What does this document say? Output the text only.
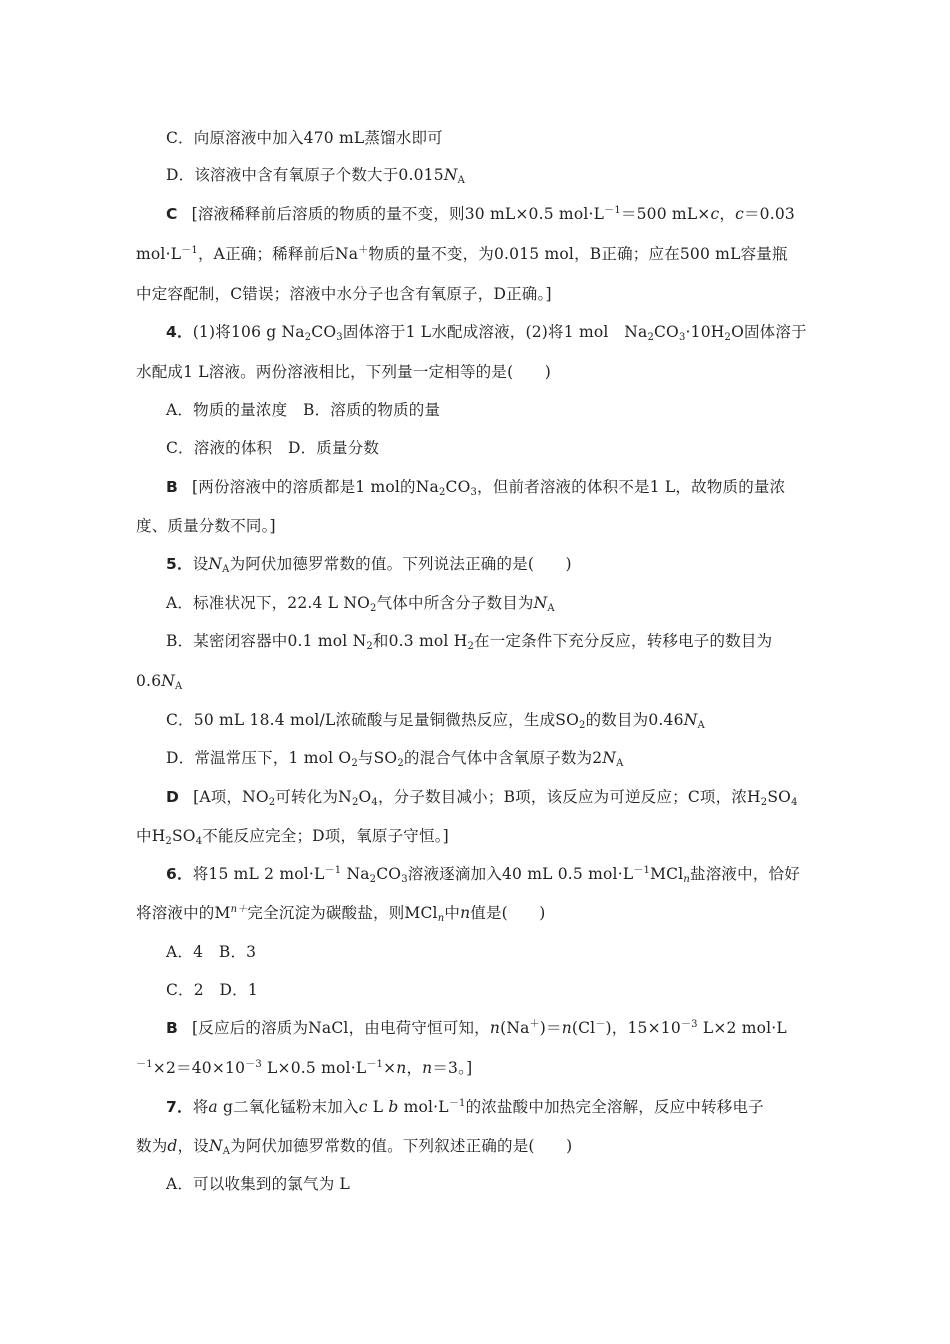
C．向原溶液中加入470 mL蒸馏水即可
D．该溶液中含有氧原子个数大于$0.015N_A$
C [溶液稀释前后溶质的物质的量不变，则30 mL×0.5 $mol\cdot L^{-1}=500$ mL×c，c＝0.03
$mol\cdot L^{-1}$，A正确；稀释前后Na＋物质的量不变，为0.015 mol，B正确；应在500 mL容量瓶
中定容配制，C错误；溶液中水分子也含有氧原子，D正确。]
4．(1)将106 g $Na_2CO_3$固体溶于1 L水配成溶液，(2)将1 mol　$Na_2CO_3\cdot 10H_2O$固体溶于
水配成1 L溶液。两份溶液相比，下列量一定相等的是(　　)
A．物质的量浓度　B．溶质的物质的量
C．溶液的体积　D．质量分数
B [两份溶液中的溶质都是1 mol的$Na_2CO_3$，但前者溶液的体积不是1 L，故物质的量浓
度、质量分数不同。]
5．设$N_A$为阿伏加德罗常数的值。下列说法正确的是(　　)
A．标准状况下，22.4 L $NO_2$气体中所含分子数目为$N_A$
B．某密闭容器中0.1 mol $N_2$和0.3 mol $H_2$在一定条件下充分反应，转移电子的数目为
$0.6N_A$
C．50 mL 18.4 mol/L浓硫酸与足量铜微热反应，生成$SO_2$的数目为$0.46N_A$
D．常温常压下，1 mol $O_2$与$SO_2$的混合气体中含氧原子数为$2N_A$
D [A项，$NO_2$可转化为$N_2O_4$，分子数目减小；B项，该反应为可逆反应；C项，浓$H_2SO_4$
中$H_2SO_4$不能反应完全；D项，氧原子守恒。]
6．将15 mL 2 $mol\cdot L^{-1}$ $Na_2CO_3$溶液逐滴加入40 mL 0.5 $mol\cdot L^{-1}MCl_n$盐溶液中，恰好
将溶液中的$M^{n+}$完全沉淀为碳酸盐，则MCl$_n$中n值是(　　)
A．4　B．3
C．2　D．1
B [反应后的溶质为NaCl，由电荷守恒可知，n(Na＋)＝n(Cl－)，$15\times 10^{-3}$ L×2 mol·L
$^{-1}\times 2=40\times 10^{-3}$ L×0.5 $mol\cdot L^{-1}\times n$，n＝3。]
7．将a g二氧化锰粉末加入c L b $mol\cdot L^{-1}$的浓盐酸中加热完全溶解，反应中转移电子
数为d，设$N_A$为阿伏加德罗常数的值。下列叙述正确的是(　　)
A．可以收集到的氯气为 L
